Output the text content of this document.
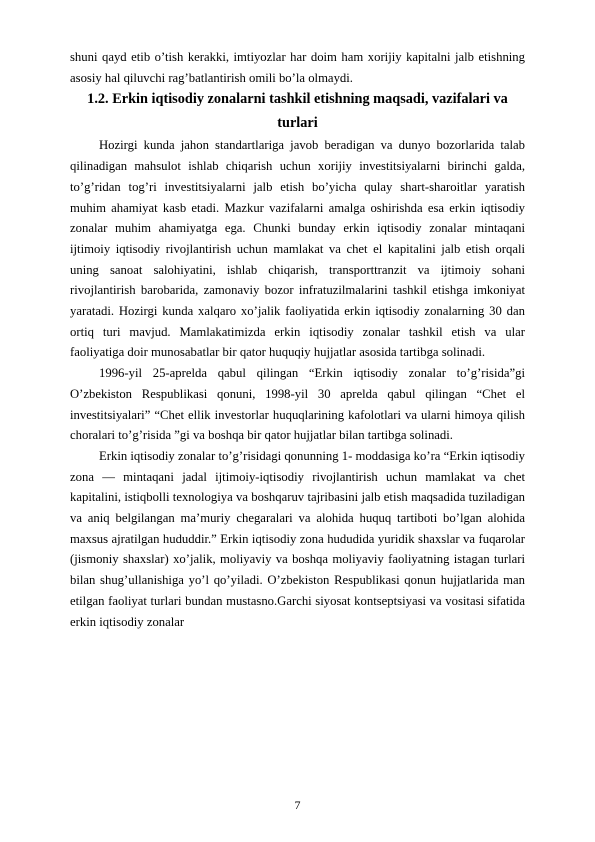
shuni qayd etib o’tish kerakki, imtiyozlar har doim ham xorijiy kapitalni jalb etishning asosiy hal qiluvchi rag’batlantirish omili bo’la olmaydi.

1.2. Erkin iqtisodiy zonalarni tashkil etishning maqsadi, vazifalari va turlari

Hozirgi kunda jahon standartlariga javob beradigan va dunyo bozorlarida talab qilinadigan mahsulot ishlab chiqarish uchun xorijiy investitsiyalarni birinchi galda, to’g’ridan tog’ri investitsiyalarni jalb etish bo’yicha qulay shart-sharoitlar yaratish muhim ahamiyat kasb etadi. Mazkur vazifalarni amalga oshirishda esa erkin iqtisodiy zonalar muhim ahamiyatga ega. Chunki bunday erkin iqtisodiy zonalar mintaqani ijtimoiy iqtisodiy rivojlantirish uchun mamlakat va chet el kapitalini jalb etish orqali uning sanoat salohiyatini, ishlab chiqarish, transporttranzit va ijtimoiy sohani rivojlantirish barobarida, zamonaviy bozor infratuzilmalarini tashkil etishga imkoniyat yaratadi. Hozirgi kunda xalqaro xo’jalik faoliyatida erkin iqtisodiy zonalarning 30 dan ortiq turi mavjud. Mamlakatimizda erkin iqtisodiy zonalar tashkil etish va ular faoliyatiga doir munosabatlar bir qator huquqiy hujjatlar asosida tartibga solinadi.

1996-yil 25-aprelda qabul qilingan “Erkin iqtisodiy zonalar to’g’risida”gi O’zbekiston Respublikasi qonuni, 1998-yil 30 aprelda qabul qilingan “Chet el investitsiyalari” “Chet ellik investorlar huquqlarining kafolotlari va ularni himoya qilish choralari to’g’risida ”gi va boshqa bir qator hujjatlar bilan tartibga solinadi.

Erkin iqtisodiy zonalar to’g’risidagi qonunning 1- moddasiga ko’ra “Erkin iqtisodiy zona — mintaqani jadal ijtimoiy-iqtisodiy rivojlantirish uchun mamlakat va chet kapitalini, istiqbolli texnologiya va boshqaruv tajribasini jalb etish maqsadida tuziladigan va aniq belgilangan ma’muriy chegaralari va alohida huquq tartiboti bo’lgan alohida maxsus ajratilgan hududdir.” Erkin iqtisodiy zona hududida yuridik shaxslar va fuqarolar (jismoniy shaxslar) xo’jalik, moliyaviy va boshqa moliyaviy faoliyatning istagan turlari bilan shug’ullanishiga yo’l qo’yiladi. O’zbekiston Respublikasi qonun hujjatlarida man etilgan faoliyat turlari bundan mustasno.Garchi siyosat kontseptsiyasi va vositasi sifatida erkin iqtisodiy zonalar

7
